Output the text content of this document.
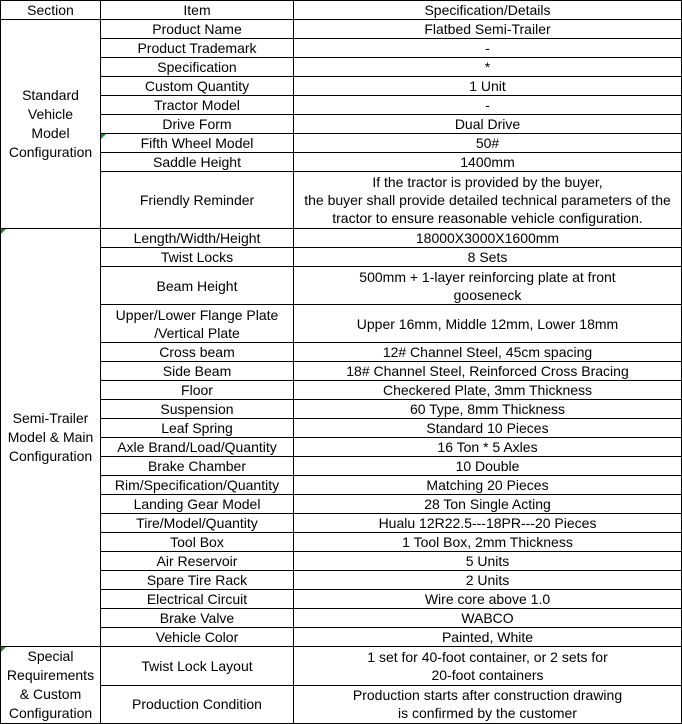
Section	Item	Specification/Details
Standard
Vehicle
Model
Configuration	Product Name	Flatbed Semi-Trailer
	Product Trademark	-
	Specification	*
	Custom Quantity	1 Unit
	Tractor Model	-
	Drive Form	Dual Drive
	Fifth Wheel Model	50#
	Saddle Height	1400mm
	Friendly Reminder	If the tractor is provided by the buyer,
the buyer shall provide detailed technical parameters of the
tractor to ensure reasonable vehicle configuration.
Semi-Trailer
Model & Main
Configuration	Length/Width/Height	18000X3000X1600mm
	Twist Locks	8 Sets
	Beam Height	500mm + 1-layer reinforcing plate at front
gooseneck
	Upper/Lower Flange Plate
/Vertical Plate	Upper 16mm, Middle 12mm, Lower 18mm
	Cross beam	12# Channel Steel, 45cm spacing
	Side Beam	18# Channel Steel, Reinforced Cross Bracing
	Floor	Checkered Plate, 3mm Thickness
	Suspension	60 Type, 8mm Thickness
	Leaf Spring	Standard 10 Pieces
	Axle Brand/Load/Quantity	16 Ton * 5 Axles
	Brake Chamber	10 Double
	Rim/Specification/Quantity	Matching 20 Pieces
	Landing Gear Model	28 Ton Single Acting
	Tire/Model/Quantity	Hualu 12R22.5---18PR---20 Pieces
	Tool Box	1 Tool Box, 2mm Thickness
	Air Reservoir	5 Units
	Spare Tire Rack	2 Units
	Electrical Circuit	Wire core above 1.0
	Brake Valve	WABCO
	Vehicle Color	Painted, White
Special
Requirements
& Custom
Configuration	Twist Lock Layout	1 set for 40-foot container, or 2 sets for
20-foot containers
	Production Condition	Production starts after construction drawing
is confirmed by the customer
